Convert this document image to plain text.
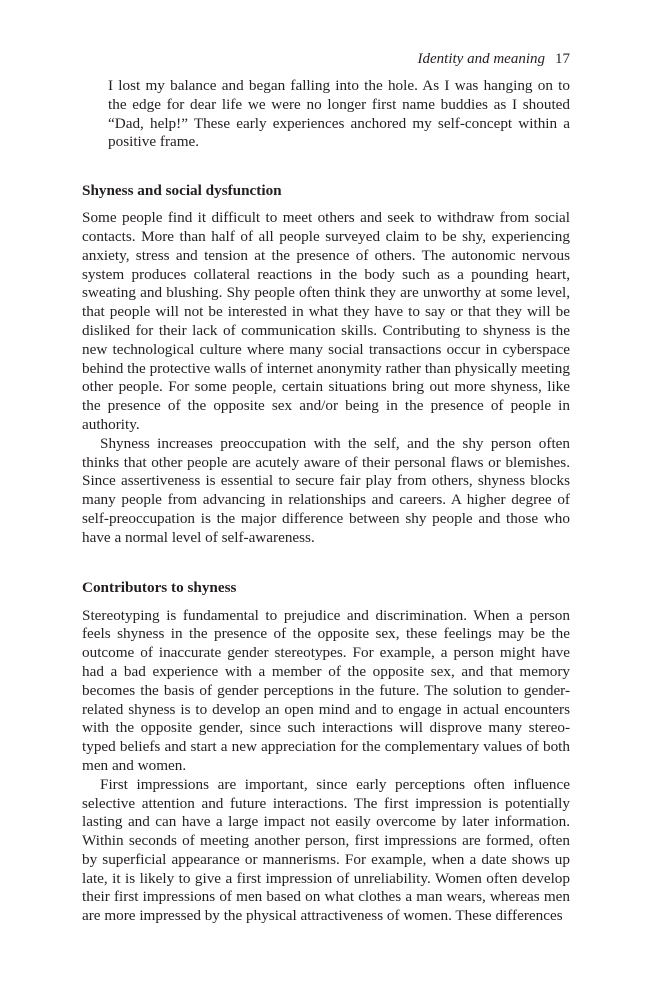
Identity and meaning 17

I lost my balance and began falling into the hole. As I was hanging on to the edge for dear life we were no longer first name buddies as I shouted “Dad, help!” These early experiences anchored my self-concept within a positive frame.

Shyness and social dysfunction

Some people find it difficult to meet others and seek to withdraw from social contacts. More than half of all people surveyed claim to be shy, experiencing anxiety, stress and tension at the presence of others. The autonomic nervous system produces collateral reactions in the body such as a pounding heart, sweating and blushing. Shy people often think they are unworthy at some level, that people will not be interested in what they have to say or that they will be disliked for their lack of communication skills. Contributing to shyness is the new technological culture where many social transactions occur in cyberspace behind the protective walls of internet anonymity rather than physically meeting other people. For some people, certain situations bring out more shyness, like the presence of the opposite sex and/or being in the presence of people in authority.

Shyness increases preoccupation with the self, and the shy person often thinks that other people are acutely aware of their personal flaws or blemishes. Since assertiveness is essential to secure fair play from others, shyness blocks many people from advancing in relationships and careers. A higher degree of self-preoccupation is the major difference between shy people and those who have a normal level of self-awareness.

Contributors to shyness

Stereotyping is fundamental to prejudice and discrimination. When a person feels shyness in the presence of the opposite sex, these feelings may be the outcome of inaccurate gender stereotypes. For example, a person might have had a bad experience with a member of the opposite sex, and that memory becomes the basis of gender perceptions in the future. The solution to gender-related shyness is to develop an open mind and to engage in actual encounters with the opposite gender, since such interactions will disprove many stereotyped beliefs and start a new appreciation for the complementary values of both men and women.

First impressions are important, since early perceptions often influence selective attention and future interactions. The first impression is potentially lasting and can have a large impact not easily overcome by later information. Within seconds of meeting another person, first impressions are formed, often by superficial appearance or mannerisms. For example, when a date shows up late, it is likely to give a first impression of unreliability. Women often develop their first impressions of men based on what clothes a man wears, whereas men are more impressed by the physical attractiveness of women. These differences
